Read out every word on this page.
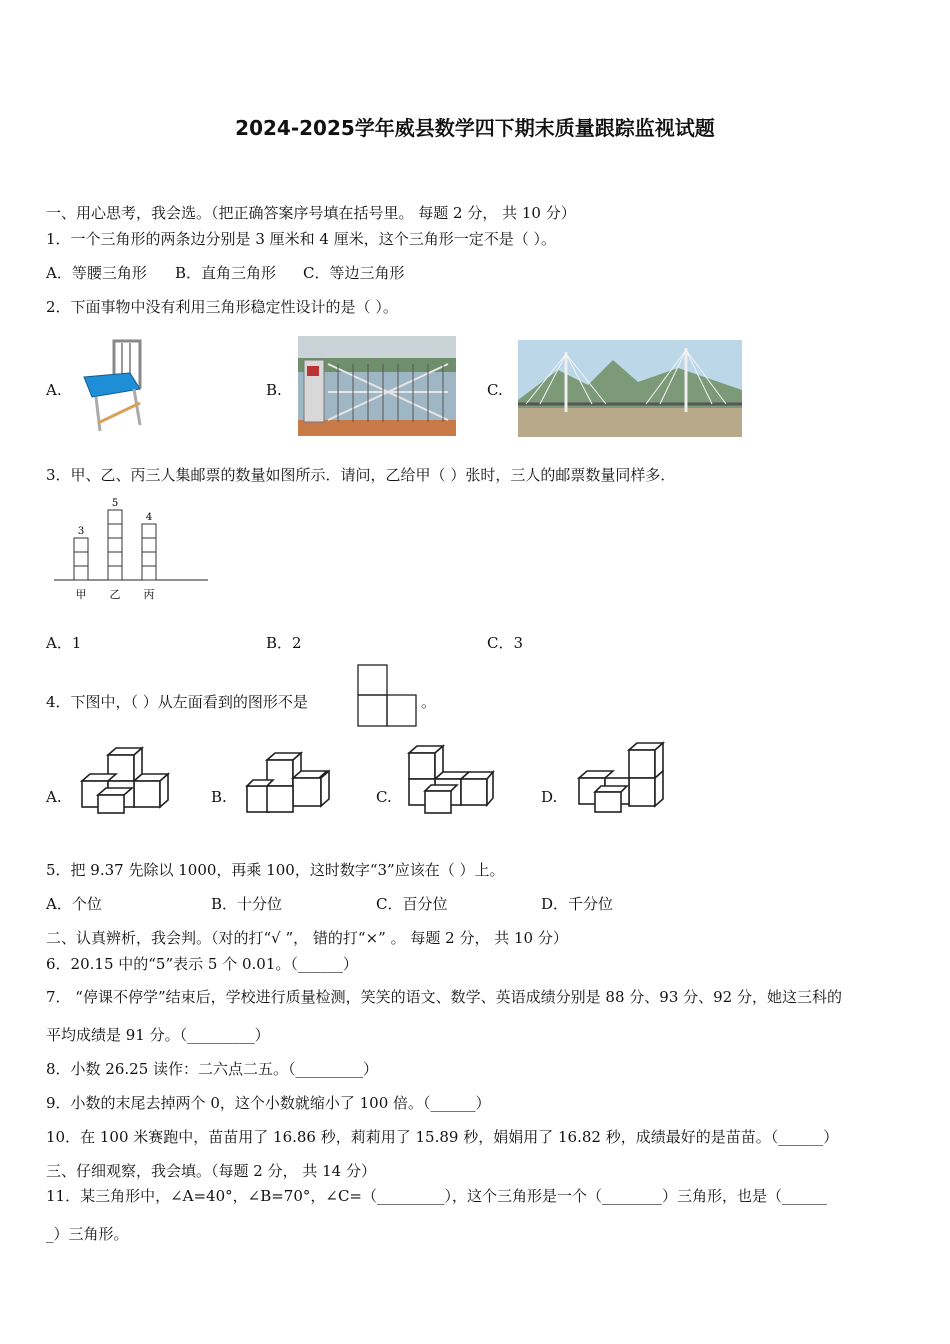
2024-2025学年威县数学四下期末质量跟踪监视试题
一、用心思考，我会选。（把正确答案序号填在括号里。 每题 2 分， 共 10 分）
1．一个三角形的两条边分别是 3 厘米和 4 厘米，这个三角形一定不是（ ）。
A．等腰三角形 B．直角三角形 C．等边三角形
2．下面事物中没有利用三角形稳定性设计的是（ ）。
A.	B.	C.
3．甲、乙、丙三人集邮票的数量如图所示．请问，乙给甲（ ）张时，三人的邮票数量同样多．
3
甲
5
乙
4
丙
A．1	B．2	C．3
4．下图中，（ ）从左面看到的图形不是	。
A.	B.	C.	D.
5．把 9.37 先除以 1000，再乘 100，这时数字“3”应该在（ ）上。
A．个位	B．十分位	C．百分位	D．千分位
二、认真辨析，我会判。（对的打“√ ”， 错的打“×” 。 每题 2 分， 共 10 分）
6．20.15 中的“5”表示 5 个 0.01。（______）
7． “停课不停学”结束后，学校进行质量检测，笑笑的语文、数学、英语成绩分别是 88 分、93 分、92 分，她这三科的
平均成绩是 91 分。（_________）
8．小数 26.25 读作：二六点二五。（_________）
9．小数的末尾去掉两个 0，这个小数就缩小了 100 倍。（______）
10．在 100 米赛跑中，苗苗用了 16.86 秒，莉莉用了 15.89 秒，娟娟用了 16.82 秒，成绩最好的是苗苗。（______）
三、仔细观察，我会填。（每题 2 分， 共 14 分）
11．某三角形中，∠A=40°，∠B=70°，∠C=（_________），这个三角形是一个（________）三角形，也是（______
_）三角形。
